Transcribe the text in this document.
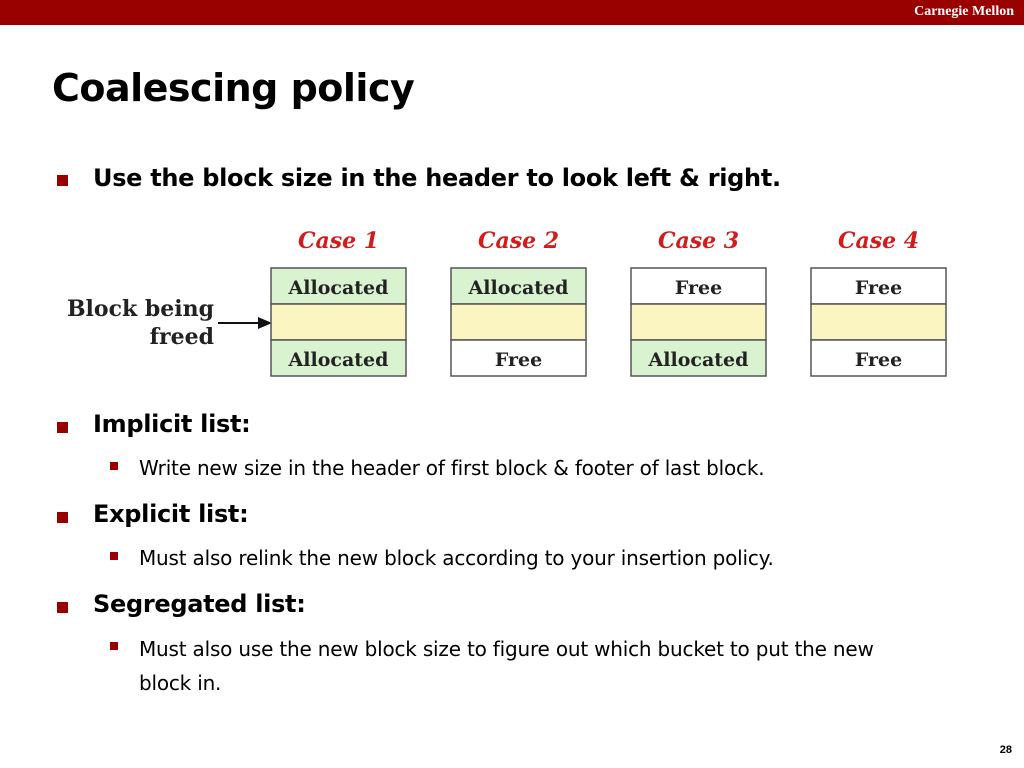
Carnegie Mellon
Coalescing policy
Use the block size in the header to look left & right.
Block being
freed
Case 1
Allocated
Allocated
Case 2
Allocated
Free
Case 3
Free
Allocated
Case 4
Free
Free
Implicit list:
Write new size in the header of first block & footer of last block.
Explicit list:
Must also relink the new block according to your insertion policy.
Segregated list:
Must also use the new block size to figure out which bucket to put the new block in.
28
